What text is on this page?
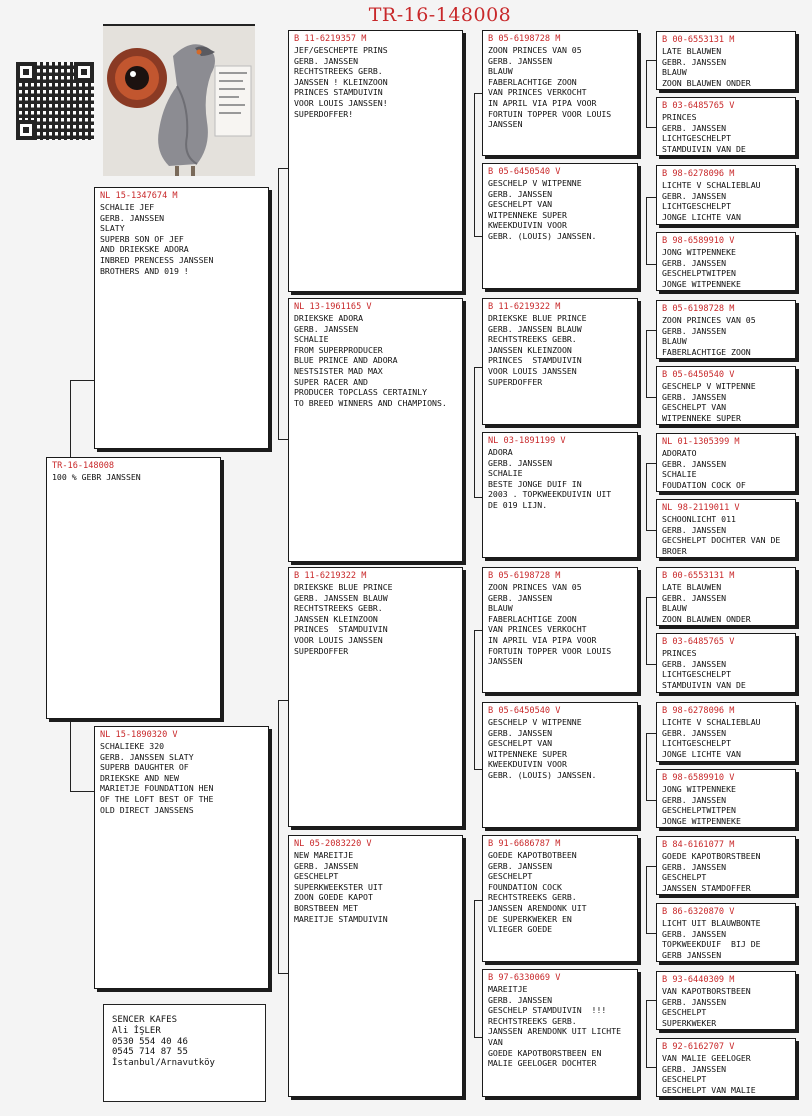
TR-16-148008
TR-16-148008
100 % GEBR JANSSEN
NL 15-1347674 M
SCHALIE JEF
GERB. JANSSEN
SLATY
SUPERB SON OF JEF
AND DRIEKSKE ADORA
INBRED PRENCESS JANSSEN
BROTHERS AND 019 !
NL 15-1890320 V
SCHALIEKE 320
GERB. JANSSEN SLATY
SUPERB DAUGHTER OF
DRIEKSKE AND NEW
MARIETJE FOUNDATION HEN
OF THE LOFT BEST OF THE
OLD DIRECT JANSSENS
B 11-6219357 M
JEF/GESCHEPTE PRINS
GERB. JANSSEN
RECHTSTREEKS GERB.
JANSSEN ! KLEINZOON
PRINCES STAMDUIVIN
VOOR LOUIS JANSSEN!
SUPERDOFFER!
NL 13-1961165 V
DRIEKSKE ADORA
GERB. JANSSEN
SCHALIE
FROM SUPERPRODUCER
BLUE PRINCE AND ADORA
NESTSISTER MAD MAX
SUPER RACER AND
PRODUCER TOPCLASS CERTAINLY
TO BREED WINNERS AND CHAMPIONS.
B 11-6219322 M
DRIEKSKE BLUE PRINCE
GERB. JANSSEN BLAUW
RECHTSTREEKS GEBR.
JANSSEN KLEINZOON
PRINCES  STAMDUIVIN
VOOR LOUIS JANSSEN
SUPERDOFFER
NL 05-2083220 V
NEW MAREITJE
GERB. JANSSEN
GESCHELPT
SUPERKWEEKSTER UIT
ZOON GOEDE KAPOT
BORSTBEEN MET
MAREITJE STAMDUIVIN
B 05-6198728 M
ZOON PRINCES VAN 05
GERB. JANSSEN
BLAUW
FABERLACHTIGE ZOON
VAN PRINCES VERKOCHT
IN APRIL VIA PIPA VOOR
FORTUIN TOPPER VOOR LOUIS
JANSSEN
B 05-6450540 V
GESCHELP V WITPENNE
GERB. JANSSEN
GESCHELPT VAN
WITPENNEKE SUPER
KWEEKDUIVIN VOOR
GEBR. (LOUIS) JANSSEN.
B 11-6219322 M
DRIEKSKE BLUE PRINCE
GERB. JANSSEN BLAUW
RECHTSTREEKS GEBR.
JANSSEN KLEINZOON
PRINCES  STAMDUIVIN
VOOR LOUIS JANSSEN
SUPERDOFFER
NL 03-1891199 V
ADORA
GERB. JANSSEN
SCHALIE
BESTE JONGE DUIF IN
2003 . TOPKWEEKDUIVIN UIT
DE 019 LIJN.
B 05-6198728 M
ZOON PRINCES VAN 05
GERB. JANSSEN
BLAUW
FABERLACHTIGE ZOON
VAN PRINCES VERKOCHT
IN APRIL VIA PIPA VOOR
FORTUIN TOPPER VOOR LOUIS
JANSSEN
B 05-6450540 V
GESCHELP V WITPENNE
GERB. JANSSEN
GESCHELPT VAN
WITPENNEKE SUPER
KWEEKDUIVIN VOOR
GEBR. (LOUIS) JANSSEN.
B 91-6686787 M
GOEDE KAPOTBOTBEEN
GERB. JANSSEN
GESCHELPT
FOUNDATION COCK
RECHTSTREEKS GERB.
JANSSEN ARENDONK UIT
DE SUPERKWEKER EN
VLIEGER GOEDE
B 97-6330069 V
MAREITJE
GERB. JANSSEN
GESCHELP STAMDUIVIN  !!!
RECHTSTREEKS GERB.
JANSSEN ARENDONK UIT LICHTE
VAN
GOEDE KAPOTBORSTBEEN EN
MALIE GEELOGER DOCHTER
B 00-6553131 M
LATE BLAUWEN
GEBR. JANSSEN
BLAUW
ZOON BLAUWEN ONDER
B 03-6485765 V
PRINCES
GERB. JANSSEN
LICHTGESCHELPT
STAMDUIVIN VAN DE
B 98-6278096 M
LICHTE V SCHALIEBLAU
GEBR. JANSSEN
LICHTGESCHELPT
JONGE LICHTE VAN
B 98-6589910 V
JONG WITPENNEKE
GERB. JANSSEN
GESCHELPTWITPEN
JONGE WITPENNEKE
B 05-6198728 M
ZOON PRINCES VAN 05
GERB. JANSSEN
BLAUW
FABERLACHTIGE ZOON
B 05-6450540 V
GESCHELP V WITPENNE
GERB. JANSSEN
GESCHELPT VAN
WITPENNEKE SUPER
NL 01-1305399 M
ADORATO
GEBR. JANSSEN
SCHALIE
FOUDATION COCK OF
NL 98-2119011 V
SCHOONLICHT 011
GERB. JANSSEN
GECSHELPT DOCHTER VAN DE
BROER
B 00-6553131 M
LATE BLAUWEN
GEBR. JANSSEN
BLAUW
ZOON BLAUWEN ONDER
B 03-6485765 V
PRINCES
GERB. JANSSEN
LICHTGESCHELPT
STAMDUIVIN VAN DE
B 98-6278096 M
LICHTE V SCHALIEBLAU
GEBR. JANSSEN
LICHTGESCHELPT
JONGE LICHTE VAN
B 98-6589910 V
JONG WITPENNEKE
GERB. JANSSEN
GESCHELPTWITPEN
JONGE WITPENNEKE
B 84-6161077 M
GOEDE KAPOTBORSTBEEN
GERB. JANSSEN
GESCHELPT
JANSSEN STAMDOFFER
B 86-6320870 V
LICHT UIT BLAUWBONTE
GERB. JANSSEN
TOPKWEEKDUIF  BIJ DE
GERB JANSSEN
B 93-6440309 M
VAN KAPOTBORSTBEEN
GERB. JANSSEN
GESCHELPT
SUPERKWEKER
B 92-6162707 V
VAN MALIE GEELOGER
GERB. JANSSEN
GESCHELPT
GESCHELPT VAN MALIE
SENCER KAFES
Ali İŞLER
0530 554 40 46
0545 714 87 55
İstanbul/Arnavutköy
